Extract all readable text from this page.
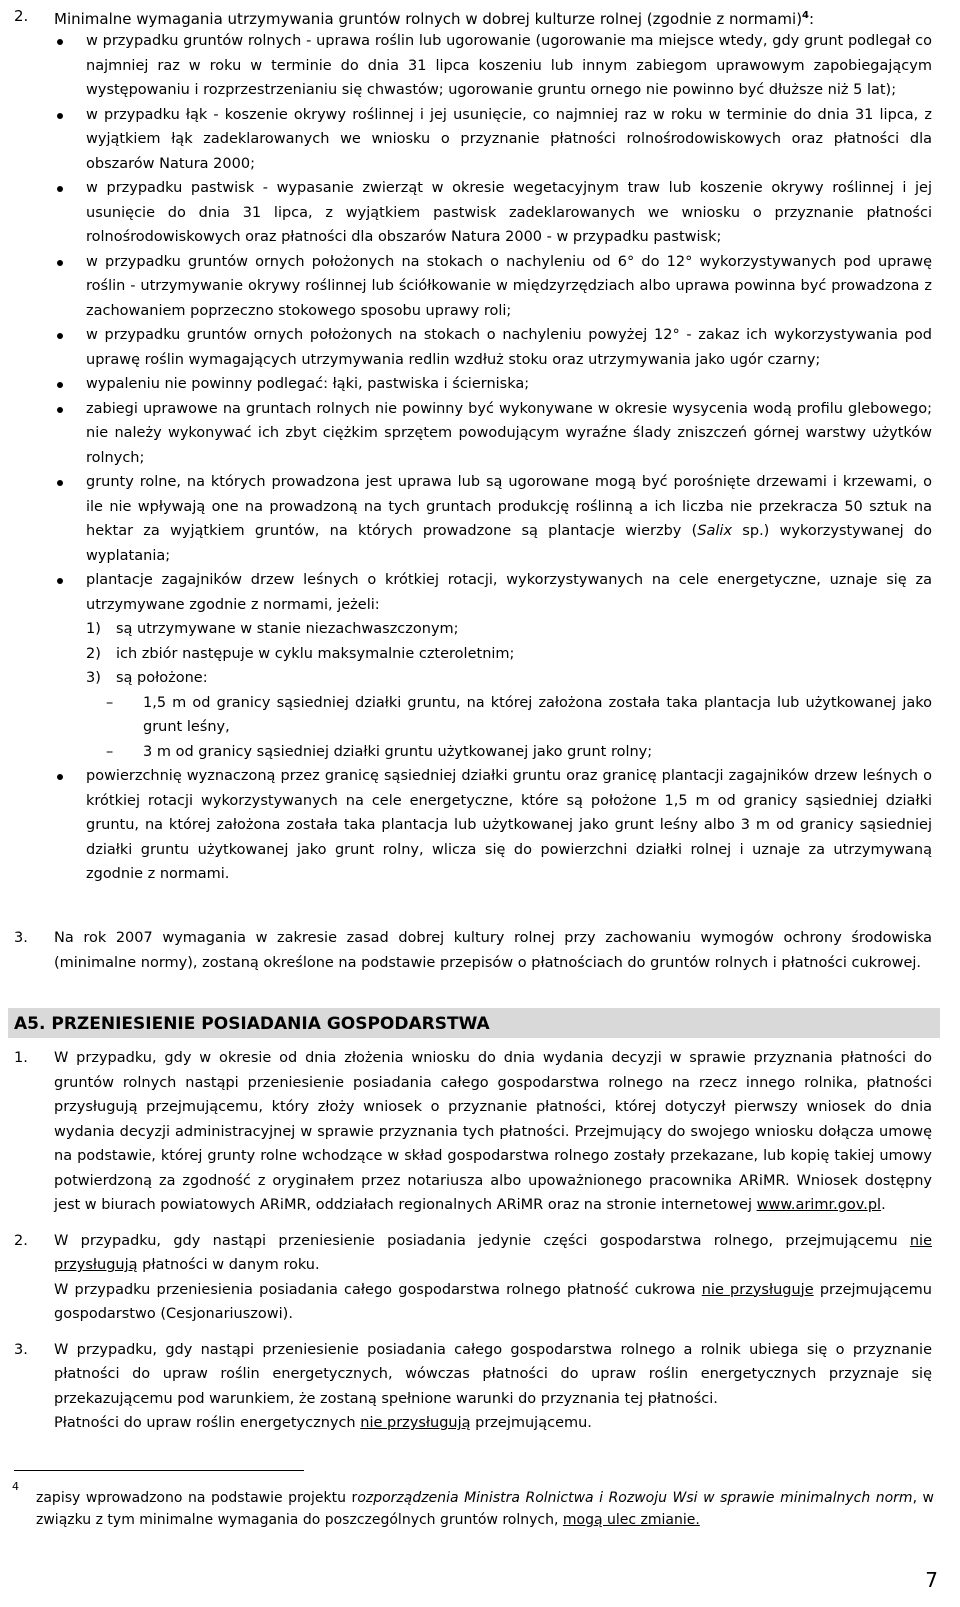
2. Minimalne wymagania utrzymywania gruntów rolnych w dobrej kulturze rolnej (zgodnie z normami)$^4$:

w przypadku gruntów rolnych - uprawa roślin lub ugorowanie (ugorowanie ma miejsce wtedy, gdy grunt podlegał co najmniej raz w roku w terminie do dnia 31 lipca koszeniu lub innym zabiegom uprawowym zapobiegającym występowaniu i rozprzestrzenianiu się chwastów; ugorowanie gruntu ornego nie powinno być dłuższe niż 5 lat);

w przypadku łąk - koszenie okrywy roślinnej i jej usunięcie, co najmniej raz w roku w terminie do dnia 31 lipca, z wyjątkiem łąk zadeklarowanych we wniosku o przyznanie płatności rolnośrodowiskowych oraz płatności dla obszarów Natura 2000;

w przypadku pastwisk - wypasanie zwierząt w okresie wegetacyjnym traw lub koszenie okrywy roślinnej i jej usunięcie do dnia 31 lipca, z wyjątkiem pastwisk zadeklarowanych we wniosku o przyznanie płatności rolnośrodowiskowych oraz płatności dla obszarów Natura 2000 - w przypadku pastwisk;

w przypadku gruntów ornych położonych na stokach o nachyleniu od 6° do 12° wykorzystywanych pod uprawę roślin - utrzymywanie okrywy roślinnej lub ściółkowanie w międzyrzędziach albo uprawa powinna być prowadzona z zachowaniem poprzeczno stokowego sposobu uprawy roli;

w przypadku gruntów ornych położonych na stokach o nachyleniu powyżej 12° - zakaz ich wykorzystywania pod uprawę roślin wymagających utrzymywania redlin wzdłuż stoku oraz utrzymywania jako ugór czarny;

wypaleniu nie powinny podlegać: łąki, pastwiska i ścierniska;

zabiegi uprawowe na gruntach rolnych nie powinny być wykonywane w okresie wysycenia wodą profilu glebowego; nie należy wykonywać ich zbyt ciężkim sprzętem powodującym wyraźne ślady zniszczeń górnej warstwy użytków rolnych;

grunty rolne, na których prowadzona jest uprawa lub są ugorowane mogą być porośnięte drzewami i krzewami, o ile nie wpływają one na prowadzoną na tych gruntach produkcję roślinną a ich liczba nie przekracza 50 sztuk na hektar za wyjątkiem gruntów, na których prowadzone są plantacje wierzby (Salix sp.) wykorzystywanej do wyplatania;

plantacje zagajników drzew leśnych o krótkiej rotacji, wykorzystywanych na cele energetyczne, uznaje się za utrzymywane zgodnie z normami, jeżeli:

1) są utrzymywane w stanie niezachwaszczonym;

2) ich zbiór następuje w cyklu maksymalnie czteroletnim;

3) są położone:

– 1,5 m od granicy sąsiedniej działki gruntu, na której założona została taka plantacja lub użytkowanej jako grunt leśny,

– 3 m od granicy sąsiedniej działki gruntu użytkowanej jako grunt rolny;

powierzchnię wyznaczoną przez granicę sąsiedniej działki gruntu oraz granicę plantacji zagajników drzew leśnych o krótkiej rotacji wykorzystywanych na cele energetyczne, które są położone 1,5 m od granicy sąsiedniej działki gruntu, na której założona została taka plantacja lub użytkowanej jako grunt leśny albo 3 m od granicy sąsiedniej działki gruntu użytkowanej jako grunt rolny, wlicza się do powierzchni działki rolnej i uznaje za utrzymywaną zgodnie z normami.

3. Na rok 2007 wymagania w zakresie zasad dobrej kultury rolnej przy zachowaniu wymogów ochrony środowiska (minimalne normy), zostaną określone na podstawie przepisów o płatnościach do gruntów rolnych i płatności cukrowej.

A5. PRZENIESIENIE POSIADANIA GOSPODARSTWA

1. W przypadku, gdy w okresie od dnia złożenia wniosku do dnia wydania decyzji w sprawie przyznania płatności do gruntów rolnych nastąpi przeniesienie posiadania całego gospodarstwa rolnego na rzecz innego rolnika, płatności przysługują przejmującemu, który złoży wniosek o przyznanie płatności, której dotyczył pierwszy wniosek do dnia wydania decyzji administracyjnej w sprawie przyznania tych płatności. Przejmujący do swojego wniosku dołącza umowę na podstawie, której grunty rolne wchodzące w skład gospodarstwa rolnego zostały przekazane, lub kopię takiej umowy potwierdzoną za zgodność z oryginałem przez notariusza albo upoważnionego pracownika ARiMR. Wniosek dostępny jest w biurach powiatowych ARiMR, oddziałach regionalnych ARiMR oraz na stronie internetowej www.arimr.gov.pl.

2. W przypadku, gdy nastąpi przeniesienie posiadania jedynie części gospodarstwa rolnego, przejmującemu nie przysługują płatności w danym roku.

W przypadku przeniesienia posiadania całego gospodarstwa rolnego płatność cukrowa nie przysługuje przejmującemu gospodarstwo (Cesjonariuszowi).

3. W przypadku, gdy nastąpi przeniesienie posiadania całego gospodarstwa rolnego a rolnik ubiega się o przyznanie płatności do upraw roślin energetycznych, wówczas płatności do upraw roślin energetycznych przyznaje się przekazującemu pod warunkiem, że zostaną spełnione warunki do przyznania tej płatności.

Płatności do upraw roślin energetycznych nie przysługują przejmującemu.

4
zapisy wprowadzono na podstawie projektu rozporządzenia Ministra Rolnictwa i Rozwoju Wsi w sprawie minimalnych norm, w związku z tym minimalne wymagania do poszczególnych gruntów rolnych, mogą ulec zmianie.
7
